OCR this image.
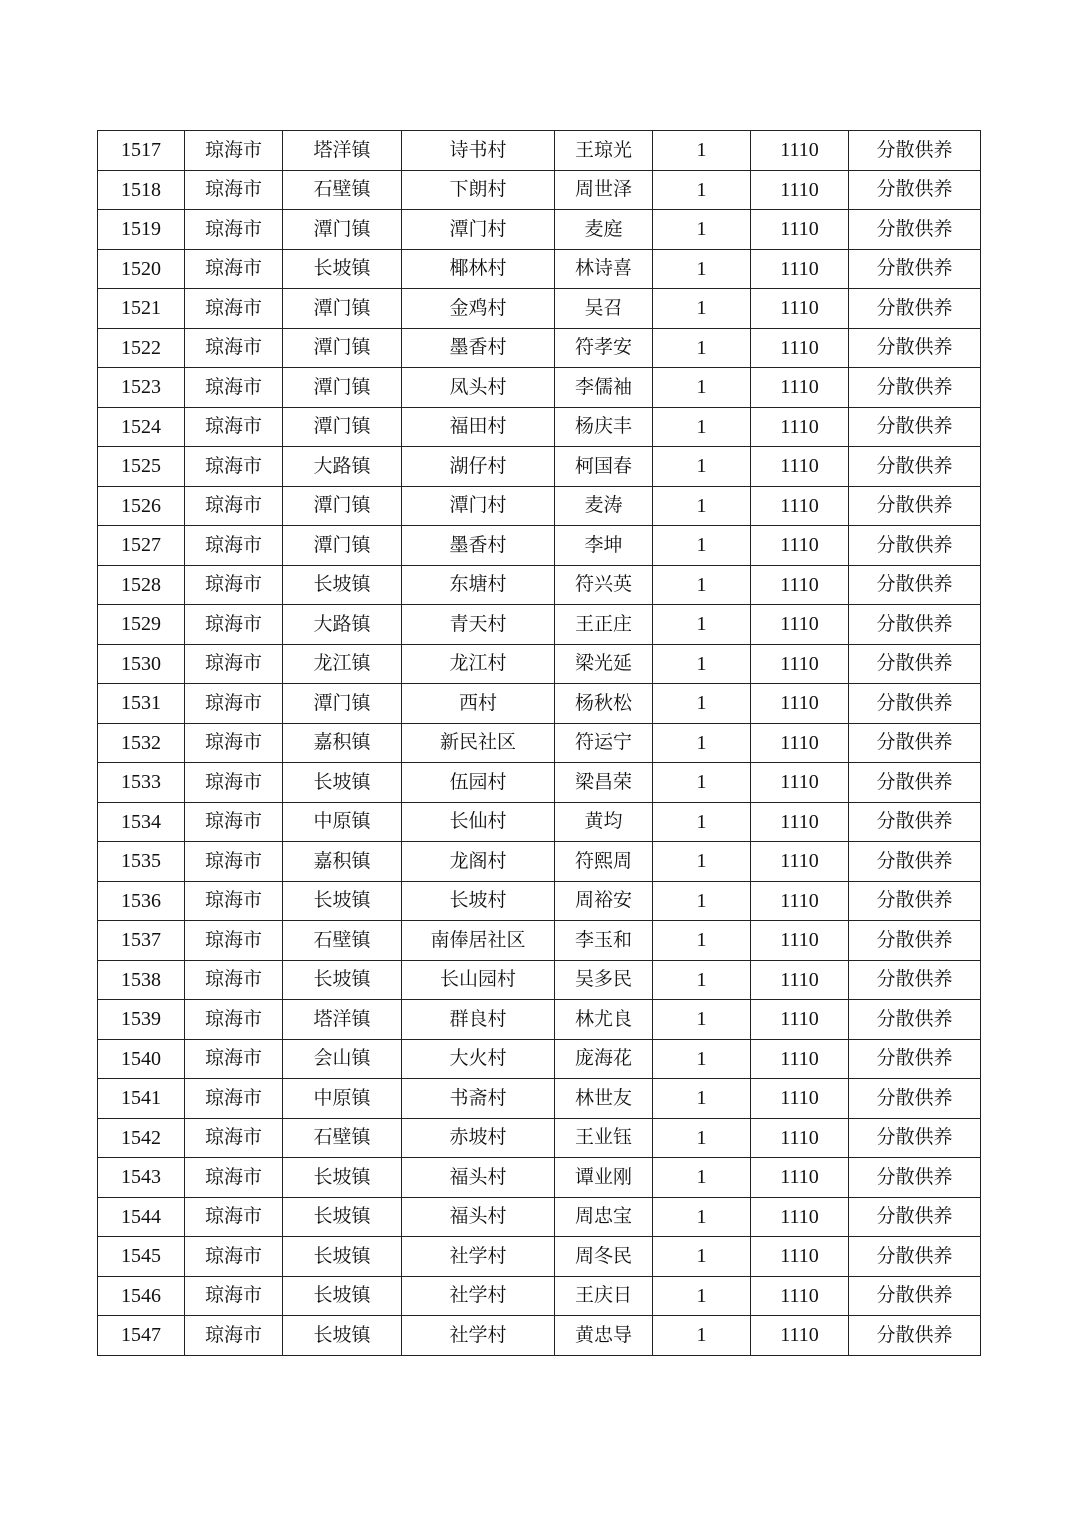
1517	琼海市	塔洋镇	诗书村	王琼光	1	1110	分散供养
1518	琼海市	石壁镇	下朗村	周世泽	1	1110	分散供养
1519	琼海市	潭门镇	潭门村	麦庭	1	1110	分散供养
1520	琼海市	长坡镇	椰林村	林诗喜	1	1110	分散供养
1521	琼海市	潭门镇	金鸡村	吴召	1	1110	分散供养
1522	琼海市	潭门镇	墨香村	符孝安	1	1110	分散供养
1523	琼海市	潭门镇	凤头村	李儒袖	1	1110	分散供养
1524	琼海市	潭门镇	福田村	杨庆丰	1	1110	分散供养
1525	琼海市	大路镇	湖仔村	柯国春	1	1110	分散供养
1526	琼海市	潭门镇	潭门村	麦涛	1	1110	分散供养
1527	琼海市	潭门镇	墨香村	李坤	1	1110	分散供养
1528	琼海市	长坡镇	东塘村	符兴英	1	1110	分散供养
1529	琼海市	大路镇	青天村	王正庄	1	1110	分散供养
1530	琼海市	龙江镇	龙江村	梁光延	1	1110	分散供养
1531	琼海市	潭门镇	西村	杨秋松	1	1110	分散供养
1532	琼海市	嘉积镇	新民社区	符运宁	1	1110	分散供养
1533	琼海市	长坡镇	伍园村	梁昌荣	1	1110	分散供养
1534	琼海市	中原镇	长仙村	黄均	1	1110	分散供养
1535	琼海市	嘉积镇	龙阁村	符熙周	1	1110	分散供养
1536	琼海市	长坡镇	长坡村	周裕安	1	1110	分散供养
1537	琼海市	石壁镇	南俸居社区	李玉和	1	1110	分散供养
1538	琼海市	长坡镇	长山园村	吴多民	1	1110	分散供养
1539	琼海市	塔洋镇	群良村	林尤良	1	1110	分散供养
1540	琼海市	会山镇	大火村	庞海花	1	1110	分散供养
1541	琼海市	中原镇	书斋村	林世友	1	1110	分散供养
1542	琼海市	石壁镇	赤坡村	王业钰	1	1110	分散供养
1543	琼海市	长坡镇	福头村	谭业刚	1	1110	分散供养
1544	琼海市	长坡镇	福头村	周忠宝	1	1110	分散供养
1545	琼海市	长坡镇	社学村	周冬民	1	1110	分散供养
1546	琼海市	长坡镇	社学村	王庆日	1	1110	分散供养
1547	琼海市	长坡镇	社学村	黄忠导	1	1110	分散供养
